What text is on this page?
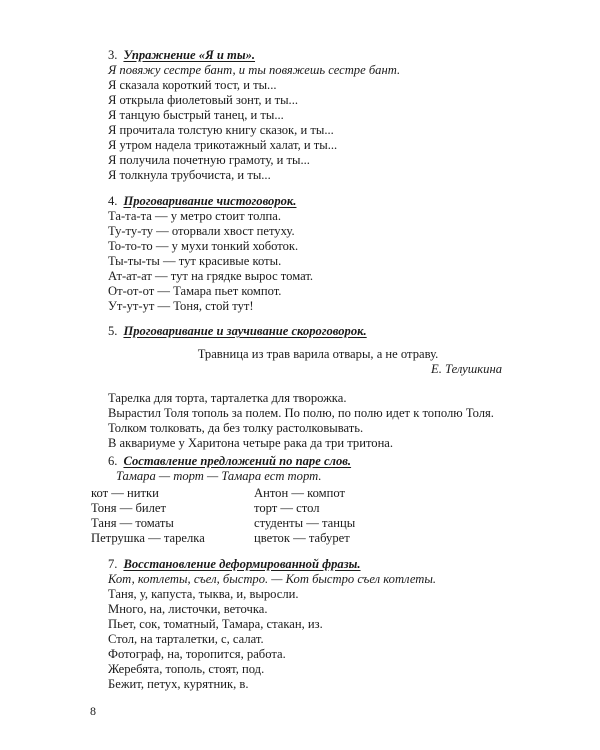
3. Упражнение «Я и ты».
Я повяжу сестре бант, и ты повяжешь сестре бант.
Я сказала короткий тост, и ты...
Я открыла фиолетовый зонт, и ты...
Я танцую быстрый танец, и ты...
Я прочитала толстую книгу сказок, и ты...
Я утром надела трикотажный халат, и ты...
Я получила почетную грамоту, и ты...
Я толкнула трубочиста, и ты...
4. Проговаривание чистоговорок.
Та-та-та — у метро стоит толпа.
Ту-ту-ту — оторвали хвост петуху.
То-то-то — у мухи тонкий хоботок.
Ты-ты-ты — тут красивые коты.
Ат-ат-ат — тут на грядке вырос томат.
От-от-от — Тамара пьет компот.
Ут-ут-ут — Тоня, стой тут!
5. Проговаривание и заучивание скороговорок.
Травница из трав варила отвары, а не отраву.
Е. Телушкина
Тарелка для торта, тарталетка для творожка.
Вырастил Толя тополь за полем. По полю, по полю идет к тополю Толя.
Толком толковать, да без толку растолковывать.
В аквариуме у Харитона четыре рака да три тритона.
6. Составление предложений по паре слов.
Тамара — торт — Тамара ест торт.
кот — нитки	Антон — компот
Тоня — билет	торт — стол
Таня — томаты	студенты — танцы
Петрушка — тарелка	цветок — табурет
7. Восстановление деформированной фразы.
Кот, котлеты, съел, быстро. — Кот быстро съел котлеты.
Таня, у, капуста, тыква, и, выросли.
Много, на, листочки, веточка.
Пьет, сок, томатный, Тамара, стакан, из.
Стол, на тарталетки, с, салат.
Фотограф, на, торопится, работа.
Жеребята, тополь, стоят, под.
Бежит, петух, курятник, в.
8
